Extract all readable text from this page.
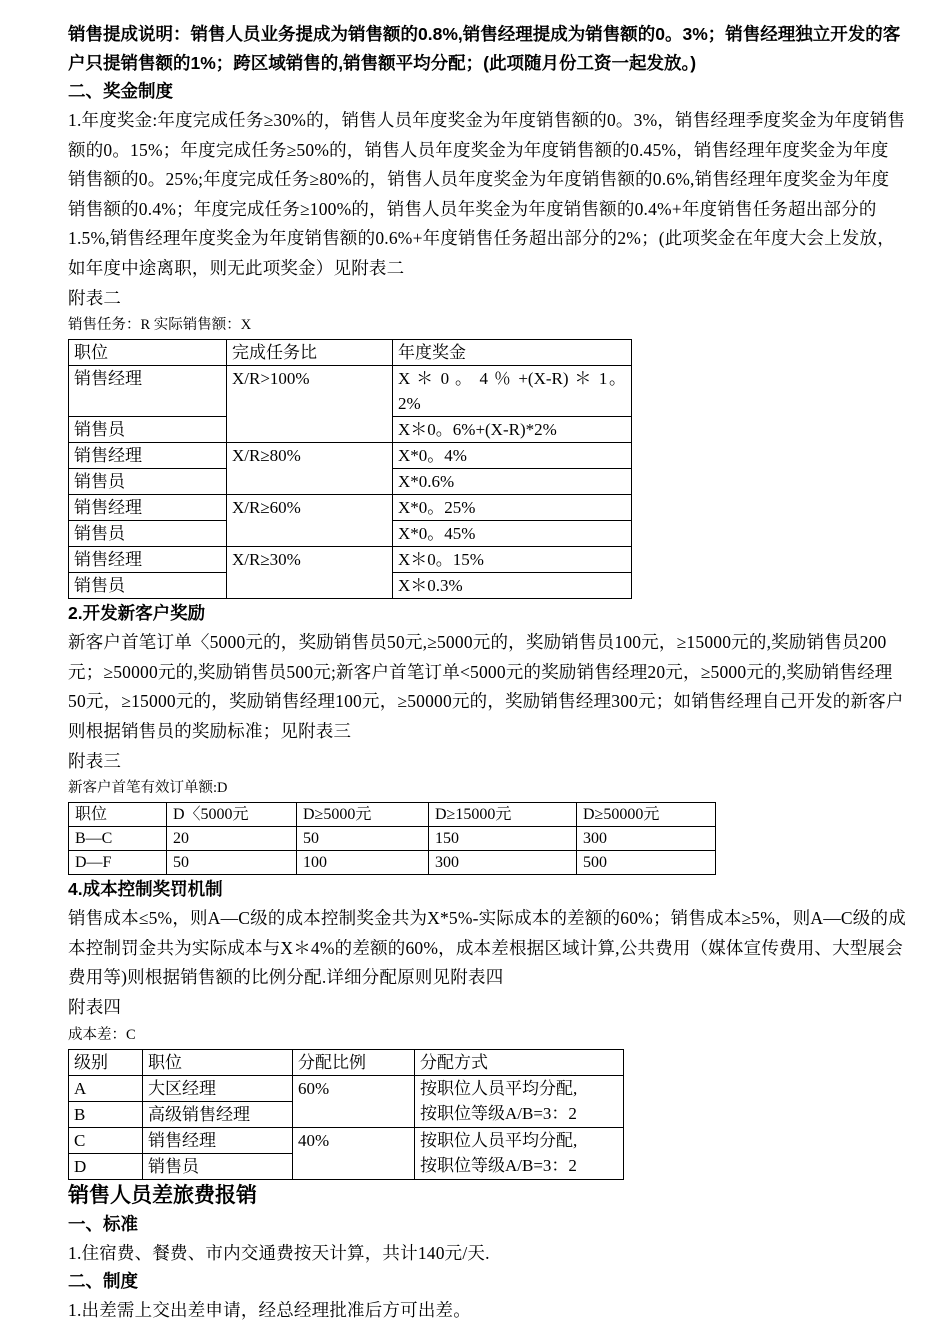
销售提成说明：销售人员业务提成为销售额的0.8%,销售经理提成为销售额的0。3%；销售经理独立开发的客户只提销售额的1%；跨区域销售的,销售额平均分配；(此项随月份工资一起发放。)

二、奖金制度

1.年度奖金:年度完成任务≥30%的，销售人员年度奖金为年度销售额的0。3%，销售经理季度奖金为年度销售额的0。15%；年度完成任务≥50%的，销售人员年度奖金为年度销售额的0.45%，销售经理年度奖金为年度销售额的0。25%;年度完成任务≥80%的，销售人员年度奖金为年度销售额的0.6%,销售经理年度奖金为年度销售额的0.4%；年度完成任务≥100%的，销售人员年奖金为年度销售额的0.4%+年度销售任务超出部分的1.5%,销售经理年度奖金为年度销售额的0.6%+年度销售任务超出部分的2%；(此项奖金在年度大会上发放，如年度中途离职，则无此项奖金）见附表二

附表二

销售任务：R 实际销售额：X

职位	完成任务比	年度奖金
销售经理	X/R>100%	X ＊ 0 。 4 ％ +(X-R) ＊ 1。2%
销售员		X＊0。6%+(X-R)*2%
销售经理	X/R≥80%	X*0。4%
销售员		X*0.6%
销售经理	X/R≥60%	X*0。25%
销售员		X*0。45%
销售经理	X/R≥30%	X＊0。15%
销售员		X＊0.3%

2.开发新客户奖励

新客户首笔订单〈5000元的，奖励销售员50元,≥5000元的，奖励销售员100元，≥15000元的,奖励销售员200元；≥50000元的,奖励销售员500元;新客户首笔订单<5000元的奖励销售经理20元，≥5000元的,奖励销售经理50元，≥15000元的，奖励销售经理100元，≥50000元的，奖励销售经理300元；如销售经理自己开发的新客户则根据销售员的奖励标准；见附表三

附表三

新客户首笔有效订单额:D

职位	D〈5000元	D≥5000元	D≥15000元	D≥50000元
B—C	20	50	150	300
D—F	50	100	300	500

4.成本控制奖罚机制

销售成本≤5%，则A—C级的成本控制奖金共为X*5%-实际成本的差额的60%；销售成本≥5%，则A—C级的成本控制罚金共为实际成本与X＊4%的差额的60%，成本差根据区域计算,公共费用（媒体宣传费用、大型展会费用等)则根据销售额的比例分配.详细分配原则见附表四

附表四

成本差：C

级别	职位	分配比例	分配方式
A	大区经理	60%	按职位人员平均分配,
按职位等级A/B=3：2

B	高级销售经理		
C	销售经理	40%	按职位人员平均分配,
按职位等级A/B=3：2

D	销售员		

销售人员差旅费报销

一、标准

1.住宿费、餐费、市内交通费按天计算，共计140元/天.

二、制度

1.出差需上交出差申请，经总经理批准后方可出差。
